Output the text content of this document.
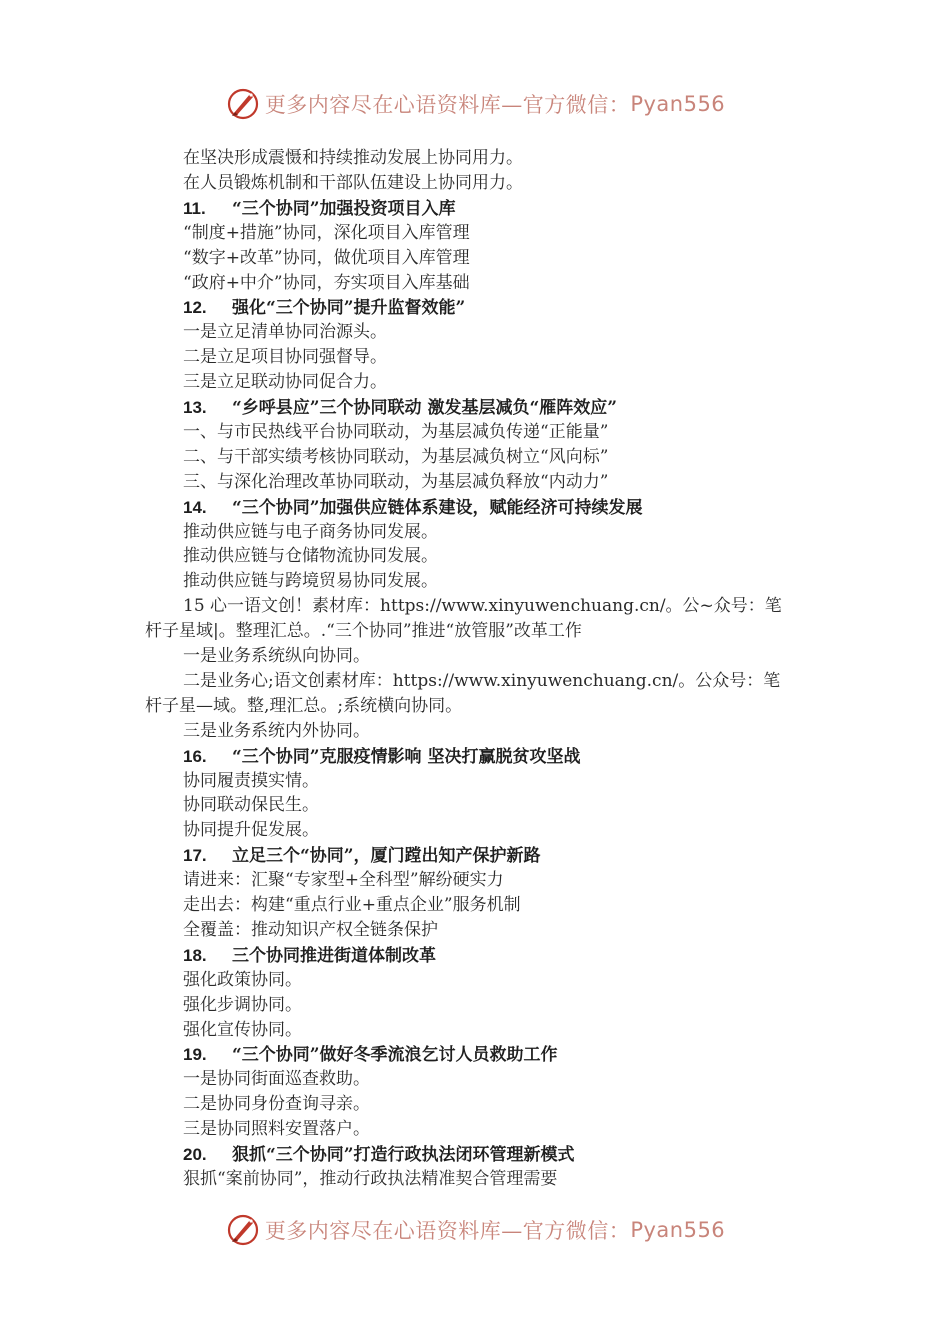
更多内容尽在心语资料库—官方微信： Pyan556
在坚决形成震慑和持续推动发展上协同用力。
在人员锻炼机制和干部队伍建设上协同用力。
11. “三个协同”加强投资项目入库
“制度+措施”协同，深化项目入库管理
“数字+改革”协同，做优项目入库管理
“政府+中介”协同，夯实项目入库基础
12. 强化“三个协同”提升监督效能”
一是立足清单协同治源头。
二是立足项目协同强督导。
三是立足联动协同促合力。
13. “乡呼县应”三个协同联动 激发基层减负“雁阵效应”
一、与市民热线平台协同联动，为基层减负传递“正能量”
二、与干部实绩考核协同联动，为基层减负树立“风向标”
三、与深化治理改革协同联动，为基层减负释放“内动力”
14. “三个协同”加强供应链体系建设，赋能经济可持续发展
推动供应链与电子商务协同发展。
推动供应链与仓储物流协同发展。
推动供应链与跨境贸易协同发展。
15 心一语文创！素材库：https://www.xinyuwenchuang.cn/。公~众号：笔
杆子星域|。整理汇总。.“三个协同”推进“放管服”改革工作
一是业务系统纵向协同。
二是业务心;语文创素材库：https://www.xinyuwenchuang.cn/。公众号：笔
杆子星—域。整,理汇总。;系统横向协同。
三是业务系统内外协同。
16. “三个协同”克服疫情影响 坚决打赢脱贫攻坚战
协同履责摸实情。
协同联动保民生。
协同提升促发展。
17. 立足三个“协同”，厦门蹚出知产保护新路
请进来：汇聚“专家型+全科型”解纷硬实力
走出去：构建“重点行业+重点企业”服务机制
全覆盖：推动知识产权全链条保护
18. 三个协同推进街道体制改革
强化政策协同。
强化步调协同。
强化宣传协同。
19. “三个协同”做好冬季流浪乞讨人员救助工作
一是协同街面巡查救助。
二是协同身份查询寻亲。
三是协同照料安置落户。
20. 狠抓“三个协同”打造行政执法闭环管理新模式
狠抓“案前协同”，推动行政执法精准契合管理需要
更多内容尽在心语资料库—官方微信： Pyan556
